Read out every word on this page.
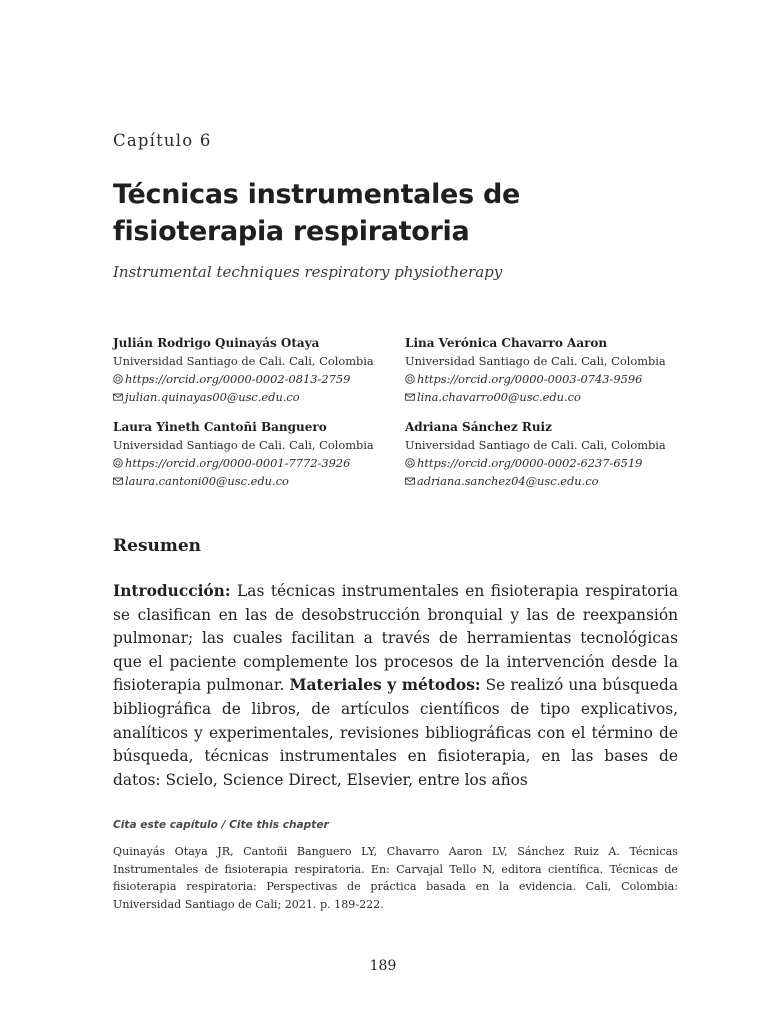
Capítulo 6
Técnicas instrumentales de
fisioterapia respiratoria
Instrumental techniques respiratory physiotherapy
Julián Rodrigo Quinayás Otaya
Universidad Santiago de Cali. Cali, Colombia
https://orcid.org/0000-0002-0813-2759
julian.quinayas00@usc.edu.co
Lina Verónica Chavarro Aaron
Universidad Santiago de Cali. Cali, Colombia
https://orcid.org/0000-0003-0743-9596
lina.chavarro00@usc.edu.co
Laura Yineth Cantoñi Banguero
Universidad Santiago de Cali. Cali, Colombia
https://orcid.org/0000-0001-7772-3926
laura.cantoni00@usc.edu.co
Adriana Sánchez Ruiz
Universidad Santiago de Cali. Cali, Colombia
https://orcid.org/0000-0002-6237-6519
adriana.sanchez04@usc.edu.co
Resumen

Introducción: Las técnicas instrumentales en fisioterapia respiratoria se clasifican en las de desobstrucción bronquial y las de reexpansión pulmonar; las cuales facilitan a través de herramientas tecnológicas que el paciente complemente los procesos de la intervención desde la fisioterapia pulmonar. Materiales y métodos: Se realizó una búsqueda bibliográfica de libros, de artículos científicos de tipo explicativos, analíticos y experimentales, revisiones bibliográficas con el término de búsqueda, técnicas instrumentales en fisioterapia, en las bases de datos: Scielo, Science Direct, Elsevier, entre los años

Cita este capítulo / Cite this chapter

Quinayás Otaya JR, Cantoñi Banguero LY, Chavarro Aaron LV, Sánchez Ruiz A. Técnicas Instrumentales de fisioterapia respiratoria. En: Carvajal Tello N, editora científica. Técnicas de fisioterapia respiratoria: Perspectivas de práctica basada en la evidencia. Cali, Colombia: Universidad Santiago de Cali; 2021. p. 189-222.

189
